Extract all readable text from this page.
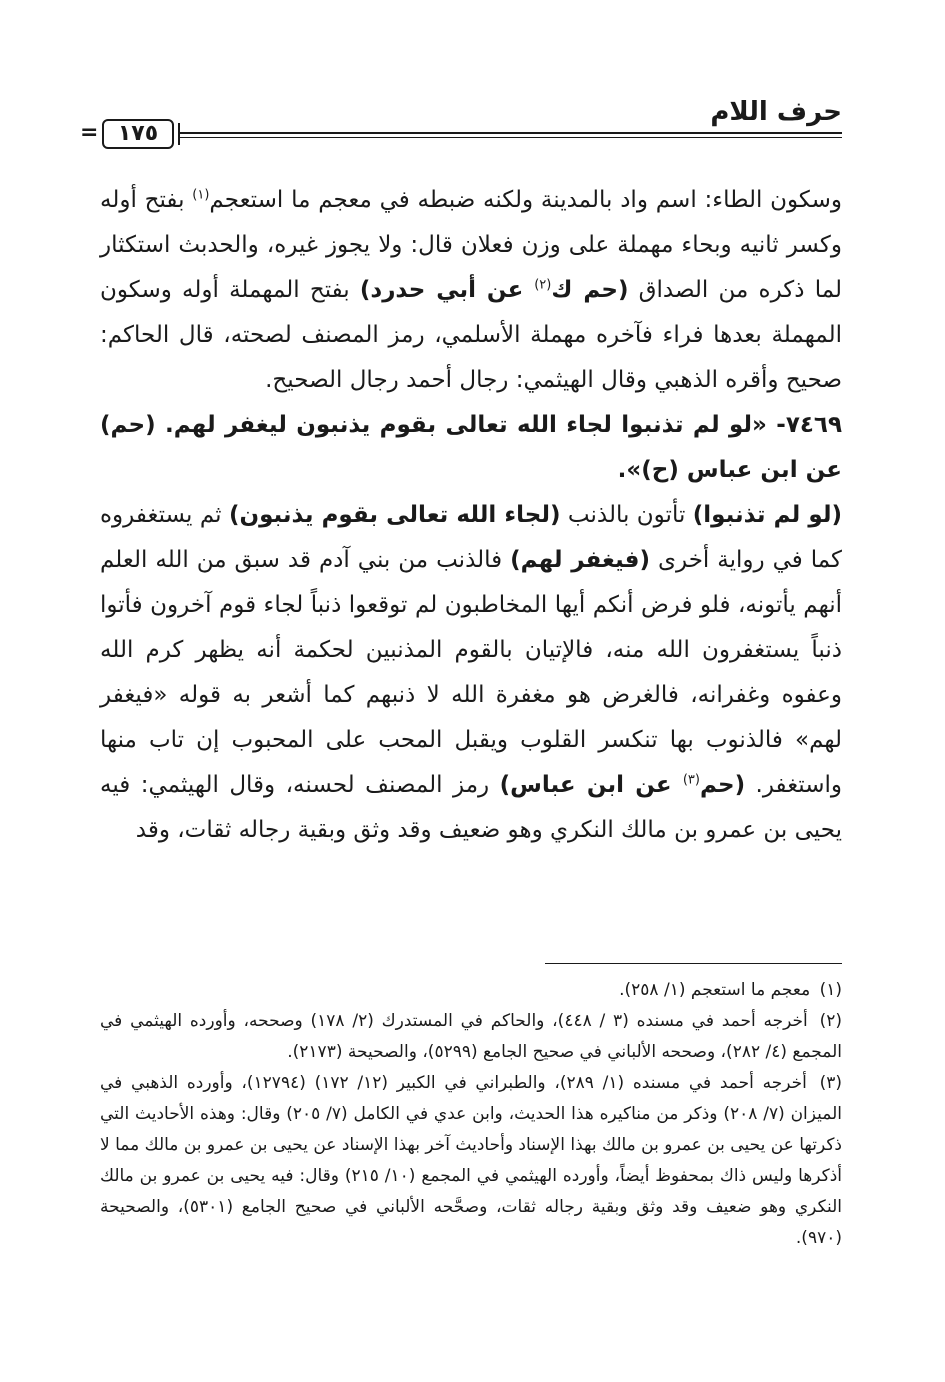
حرف اللام
١٧٥
=

وسكون الطاء: اسم واد بالمدينة ولكنه ضبطه في معجم ما استعجم$^{(١)}$ بفتح أوله وكسر ثانيه وبحاء مهملة على وزن فعلان قال: ولا يجوز غيره، والحدبث استكثار لما ذكره من الصداق (حم ك$^{(٢)}$ عن أبي حدرد) بفتح المهملة أوله وسكون المهملة بعدها فراء فآخره مهملة الأسلمي، رمز المصنف لصحته، قال الحاكم: صحيح وأقره الذهبي وقال الهيثمي: رجال أحمد رجال الصحيح.

٧٤٦٩- «لو لم تذنبوا لجاء الله تعالى بقوم يذنبون ليغفر لهم. (حم) عن ابن عباس (ح)».

(لو لم تذنبوا) تأتون بالذنب (لجاء الله تعالى بقوم يذنبون) ثم يستغفروه كما في رواية أخرى (فيغفر لهم) فالذنب من بني آدم قد سبق من الله العلم أنهم يأتونه، فلو فرض أنكم أيها المخاطبون لم توقعوا ذنباً لجاء قوم آخرون فأتوا ذنباً يستغفرون الله منه، فالإتيان بالقوم المذنبين لحكمة أنه يظهر كرم الله وعفوه وغفرانه، فالغرض هو مغفرة الله لا ذنبهم كما أشعر به قوله «فيغفر لهم» فالذنوب بها تنكسر القلوب ويقبل المحب على المحبوب إن تاب منها واستغفر. (حم$^{(٣)}$ عن ابن عباس) رمز المصنف لحسنه، وقال الهيثمي: فيه يحيى بن عمرو بن مالك النكري وهو ضعيف وقد وثق وبقية رجاله ثقات، وقد

(١) معجم ما استعجم (١/ ٢٥٨).

(٢) أخرجه أحمد في مسنده (٣ / ٤٤٨)، والحاكم في المستدرك (٢/ ١٧٨) وصححه، وأورده الهيثمي في المجمع (٤/ ٢٨٢)، وصححه الألباني في صحيح الجامع (٥٢٩٩)، والصحيحة (٢١٧٣).

(٣) أخرجه أحمد في مسنده (١/ ٢٨٩)، والطبراني في الكبير (١٢/ ١٧٢) (١٢٧٩٤)، وأورده الذهبي في الميزان (٧/ ٢٠٨) وذكر من مناكيره هذا الحديث، وابن عدي في الكامل (٧/ ٢٠٥) وقال: وهذه الأحاديث التي ذكرتها عن يحيى بن عمرو بن مالك بهذا الإسناد وأحاديث آخر بهذا الإسناد عن يحيى بن عمرو بن مالك مما لا أذكرها وليس ذاك بمحفوظ أيضاً، وأورده الهيثمي في المجمع (١٠/ ٢١٥) وقال: فيه يحيى بن عمرو بن مالك النكري وهو ضعيف وقد وثق وبقية رجاله ثقات، وصحَّحه الألباني في صحيح الجامع (٥٣٠١)، والصحيحة (٩٧٠).
